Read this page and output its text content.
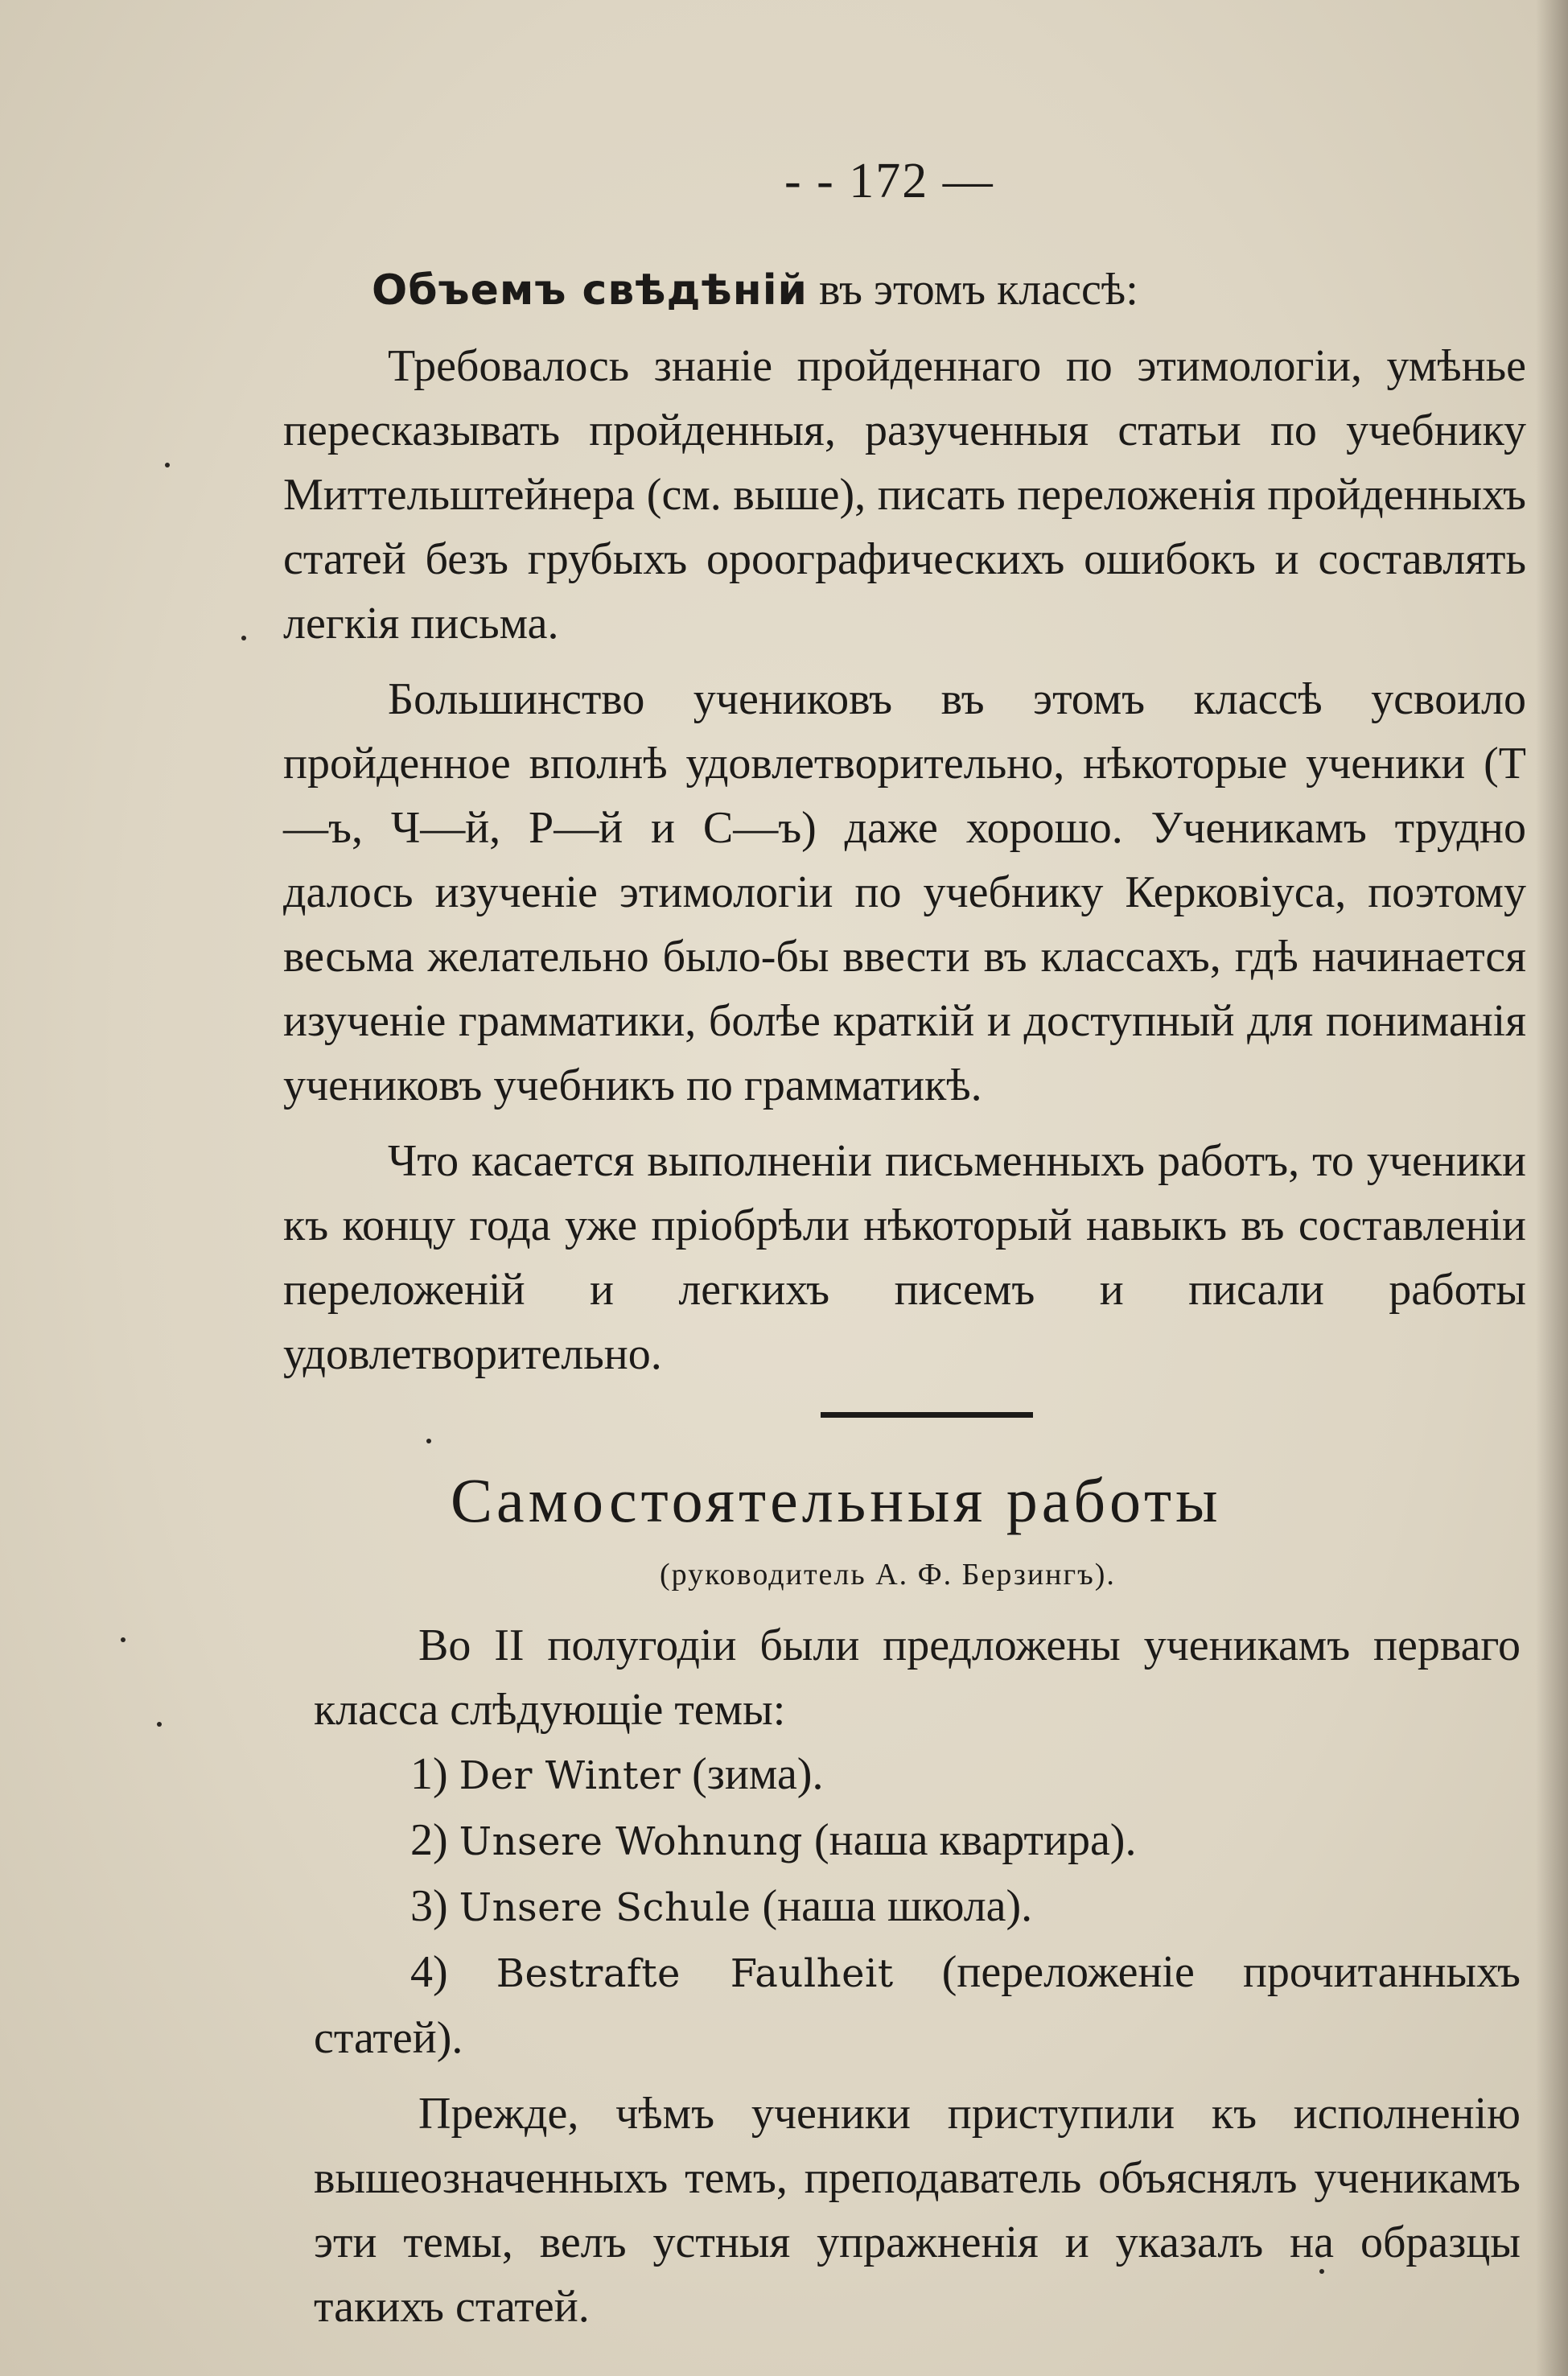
- - 172 —

Объемъ свѣдѣнiй въ этомъ классѣ:

Требовалось знанiе пройденнаго по этимологiи, умѣнье пересказывать пройденныя, разученныя статьи по учебнику Миттельштейнера (см. выше), писать переложенiя пройденныхъ статей безъ грубыхъ ороографическихъ ошибокъ и составлять легкiя письма.

Большинство учениковъ въ этомъ классѣ усвоило пройденное вполнѣ удовлетворительно, нѣкоторые ученики (Т—ъ, Ч—й, Р—й и С—ъ) даже хорошо. Ученикамъ трудно далось изученiе этимологiи по учебнику Керковiуса, поэтому весьма желательно было-бы ввести въ классахъ, гдѣ начинается изученiе грамматики, болѣе краткiй и доступный для пониманiя учениковъ учебникъ по грамматикѣ.

Что касается выполненiи письменныхъ работъ, то ученики къ концу года уже прiобрѣли нѣкоторый навыкъ въ составленiи переложенiй и легкихъ писемъ и писали работы удовлетворительно.

Самостоятельныя работы
(руководитель А. Ф. Берзингъ).

Во II полугодiи были предложены ученикамъ перваго класса слѣдующiе темы:

1) Der Winter (зима).

2) Unsere Wohnung (наша квартира).

3) Unsere Schule (наша школа).

4) Bestrafte Faulheit (переложенiе прочитанныхъ статей).

Прежде, чѣмъ ученики приступили къ исполненiю вышеозначенныхъ темъ, преподаватель объяснялъ ученикамъ эти темы, велъ устныя упражненiя и указалъ на образцы такихъ статей.
